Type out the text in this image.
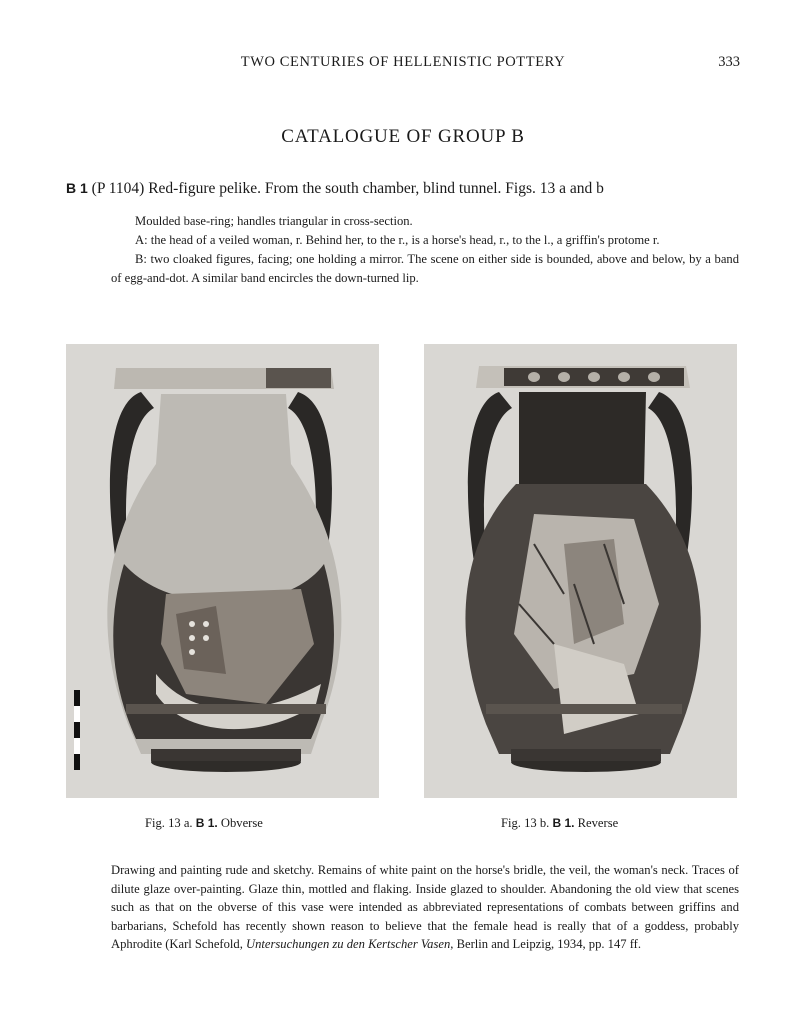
TWO CENTURIES OF HELLENISTIC POTTERY	333
CATALOGUE OF GROUP B
B 1 (P 1104) Red-figure pelike. From the south chamber, blind tunnel. Figs. 13 a and b

Moulded base-ring; handles triangular in cross-section.

A: the head of a veiled woman, r. Behind her, to the r., is a horse's head, r., to the l., a griffin's protome r.

B: two cloaked figures, facing; one holding a mirror. The scene on either side is bounded, above and below, by a band of egg-and-dot. A similar band encircles the down-turned lip.

Fig. 13 a. B 1. Obverse	Fig. 13 b. B 1. Reverse

Drawing and painting rude and sketchy. Remains of white paint on the horse's bridle, the veil, the woman's neck. Traces of dilute glaze over-painting. Glaze thin, mottled and flaking. Inside glazed to shoulder. Abandoning the old view that scenes such as that on the obverse of this vase were intended as abbreviated representations of combats between griffins and barbarians, Schefold has recently shown reason to believe that the female head is really that of a goddess, probably Aphrodite (Karl Schefold, Untersuchungen zu den Kertscher Vasen, Berlin and Leipzig, 1934, pp. 147 ff.
